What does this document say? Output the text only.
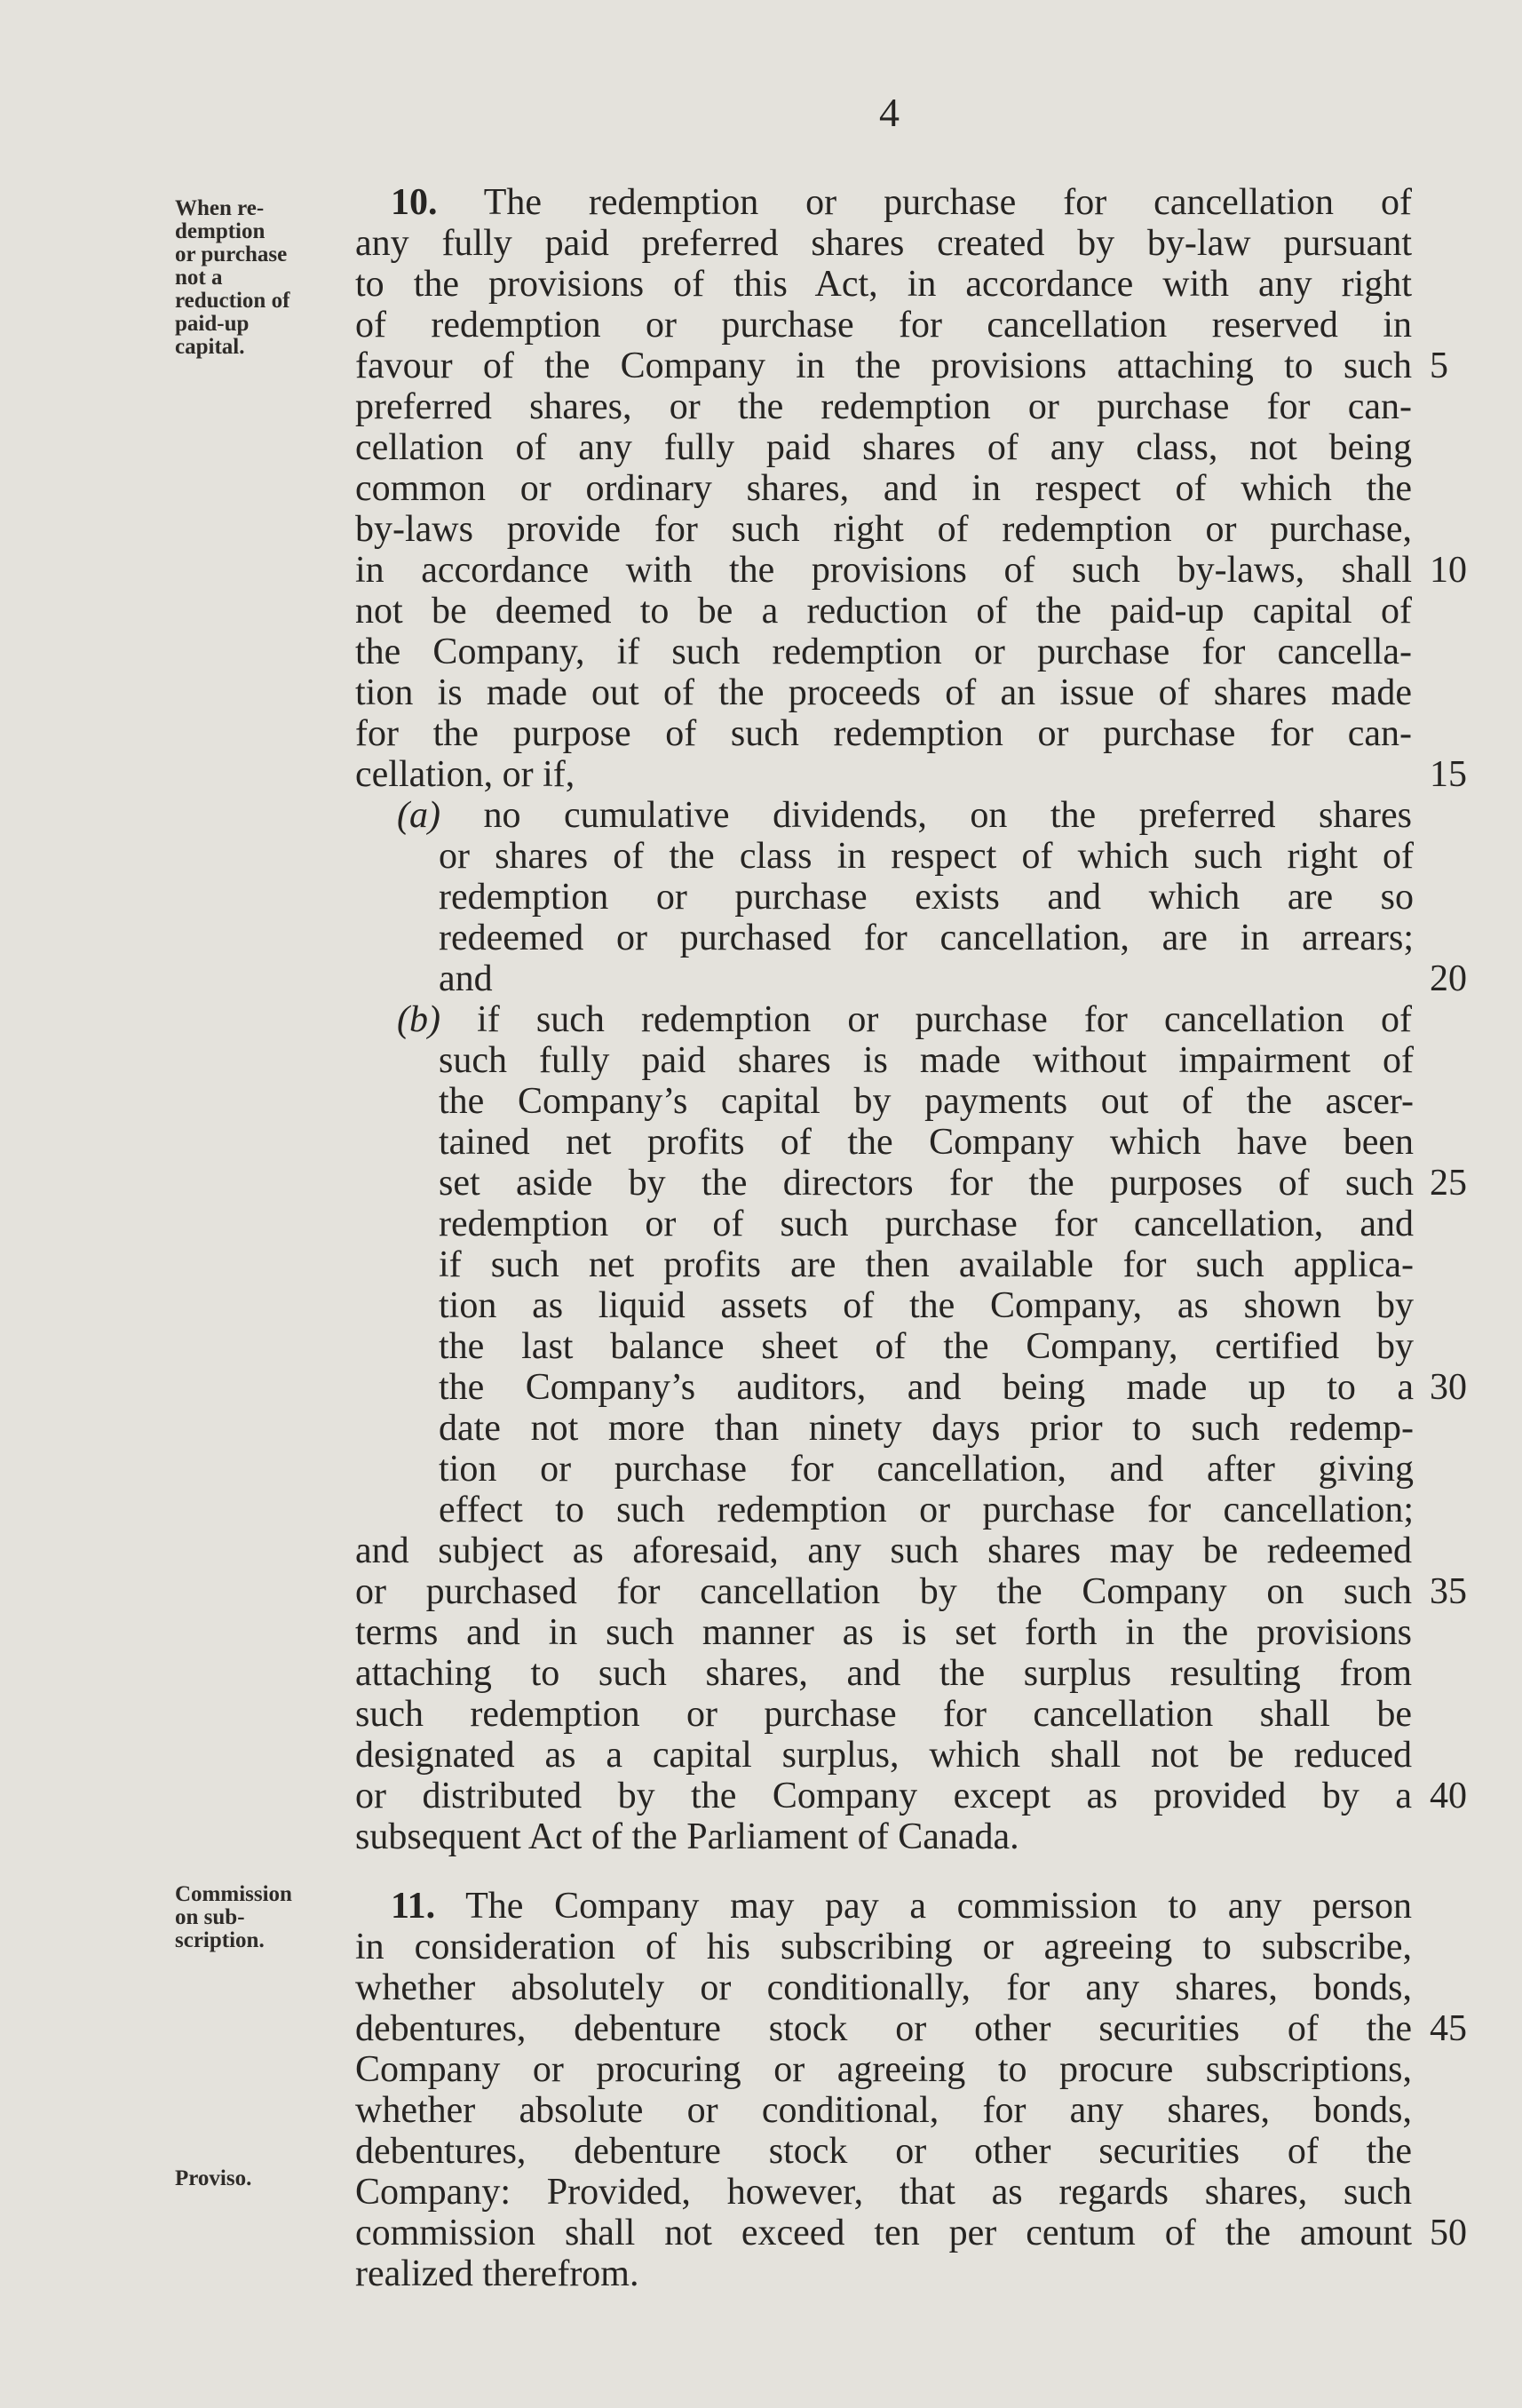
4
When re-
demption
or purchase
not a
reduction of
paid-up
capital.
Commission
on sub-
scription.
Proviso.
10. The redemption or purchase for cancellation of
any fully paid preferred shares created by by-law pursuant
to the provisions of this Act, in accordance with any right
of redemption or purchase for cancellation reserved in
favour of the Company in the provisions attaching to such
preferred shares, or the redemption or purchase for can-
cellation of any fully paid shares of any class, not being
common or ordinary shares, and in respect of which the
by-laws provide for such right of redemption or purchase,
in accordance with the provisions of such by-laws, shall
not be deemed to be a reduction of the paid-up capital of
the Company, if such redemption or purchase for cancella-
tion is made out of the proceeds of an issue of shares made
for the purpose of such redemption or purchase for can-
cellation, or if,
(a) no cumulative dividends, on the preferred shares
or shares of the class in respect of which such right of
redemption or purchase exists and which are so
redeemed or purchased for cancellation, are in arrears;
and
(b) if such redemption or purchase for cancellation of
such fully paid shares is made without impairment of
the Company’s capital by payments out of the ascer-
tained net profits of the Company which have been
set aside by the directors for the purposes of such
redemption or of such purchase for cancellation, and
if such net profits are then available for such applica-
tion as liquid assets of the Company, as shown by
the last balance sheet of the Company, certified by
the Company’s auditors, and being made up to a
date not more than ninety days prior to such redemp-
tion or purchase for cancellation, and after giving
effect to such redemption or purchase for cancellation;
and subject as aforesaid, any such shares may be redeemed
or purchased for cancellation by the Company on such
terms and in such manner as is set forth in the provisions
attaching to such shares, and the surplus resulting from
such redemption or purchase for cancellation shall be
designated as a capital surplus, which shall not be reduced
or distributed by the Company except as provided by a
subsequent Act of the Parliament of Canada.
11. The Company may pay a commission to any person
in consideration of his subscribing or agreeing to subscribe,
whether absolutely or conditionally, for any shares, bonds,
debentures, debenture stock or other securities of the
Company or procuring or agreeing to procure subscriptions,
whether absolute or conditional, for any shares, bonds,
debentures, debenture stock or other securities of the
Company: Provided, however, that as regards shares, such
commission shall not exceed ten per centum of the amount
realized therefrom.
5
10
15
20
25
30
35
40
45
50
